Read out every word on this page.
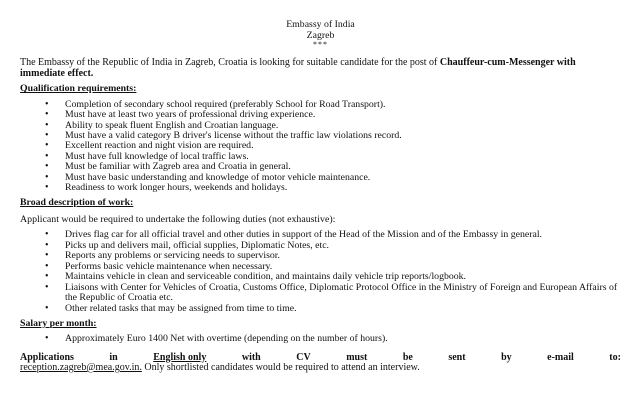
Embassy of India
Zagreb
***
The Embassy of the Republic of India in Zagreb, Croatia is looking for suitable candidate for the post of Chauffeur-cum-Messenger with immediate effect.
Qualification requirements:
• Completion of secondary school required (preferably School for Road Transport).
• Must have at least two years of professional driving experience.
• Ability to speak fluent English and Croatian language.
• Must have a valid category B driver's license without the traffic law violations record.
• Excellent reaction and night vision are required.
• Must have full knowledge of local traffic laws.
• Must be familiar with Zagreb area and Croatia in general.
• Must have basic understanding and knowledge of motor vehicle maintenance.
• Readiness to work longer hours, weekends and holidays.
Broad description of work:
Applicant would be required to undertake the following duties (not exhaustive):
• Drives flag car for all official travel and other duties in support of the Head of the Mission and of the Embassy in general.
• Picks up and delivers mail, official supplies, Diplomatic Notes, etc.
• Reports any problems or servicing needs to supervisor.
• Performs basic vehicle maintenance when necessary.
• Maintains vehicle in clean and serviceable condition, and maintains daily vehicle trip reports/logbook.
• Liaisons with Center for Vehicles of Croatia, Customs Office, Diplomatic Protocol Office in the Ministry of Foreign and European Affairs of the Republic of Croatia etc.
• Other related tasks that may be assigned from time to time.
Salary per month:
• Approximately Euro 1400 Net with overtime (depending on the number of hours).
Applications	in	English only	with	CV	must	be	sent	by	e-mail	to:
reception.zagreb@mea.gov.in. Only shortlisted candidates would be required to attend an interview.
